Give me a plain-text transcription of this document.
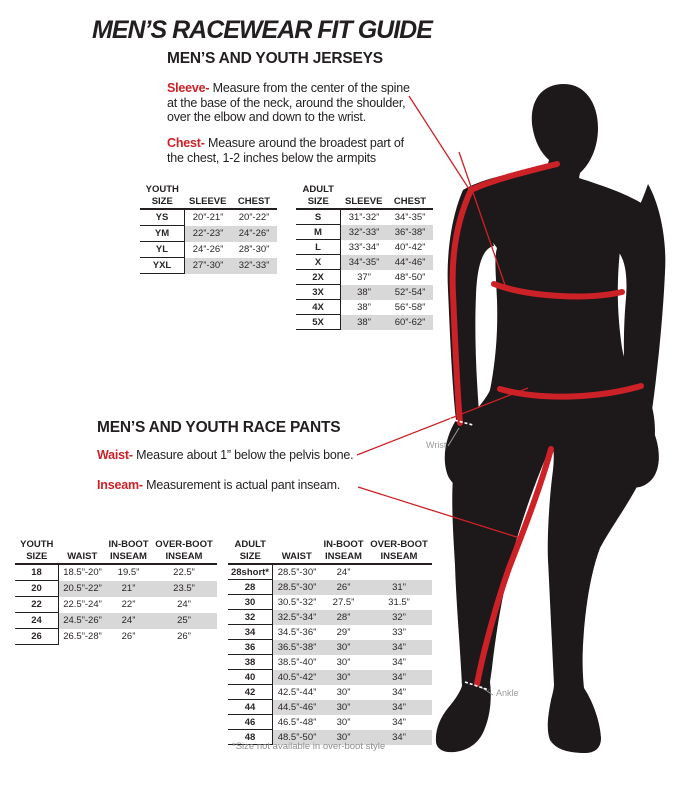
MEN’S RACEWEAR FIT GUIDE
MEN’S AND YOUTH JERSEYS

Sleeve- Measure from the center of the spine at the base of the neck, around the shoulder, over the elbow and down to the wrist.

Chest- Measure around the broadest part of the chest, 1-2 inches below the armpits

YOUTH		
SIZE	SLEEVE	CHEST
YS	20”-21”	20”-22”
YM	22”-23”	24”-26”
YL	24”-26”	28”-30”
YXL	27”-30”	32”-33”
ADULT		
SIZE	SLEEVE	CHEST
S	31”-32”	34”-35”
M	32”-33”	36”-38”
L	33”-34”	40”-42”
X	34”-35”	44”-46”
2X	37”	48”-50”
3X	38”	52”-54”
4X	38”	56”-58”
5X	38”	60”-62”
MEN’S AND YOUTH RACE PANTS

Waist- Measure about 1” below the pelvis bone.

Inseam- Measurement is actual pant inseam.

YOUTH		IN-BOOT	OVER-BOOT
SIZE	WAIST	INSEAM	INSEAM
18	18.5”-20”	19.5”	22.5”
20	20.5”-22”	21”	23.5”
22	22.5”-24”	22”	24”
24	24.5”-26”	24”	25”
26	26.5”-28”	26”	26”
ADULT		IN-BOOT	OVER-BOOT
SIZE	WAIST	INSEAM	INSEAM
28short*	28.5”-30”	24”	
28	28.5”-30”	26”	31”
30	30.5”-32”	27.5”	31.5”
32	32.5”-34”	28”	32”
34	34.5”-36”	29”	33”
36	36.5”-38”	30”	34”
38	38.5”-40”	30”	34”
40	40.5”-42”	30”	34”
42	42.5”-44”	30”	34”
44	44.5”-46”	30”	34”
46	46.5”-48”	30”	34”
48	48.5”-50”	30”	34”
*Size not available in over-boot style
Wrist
Ankle
